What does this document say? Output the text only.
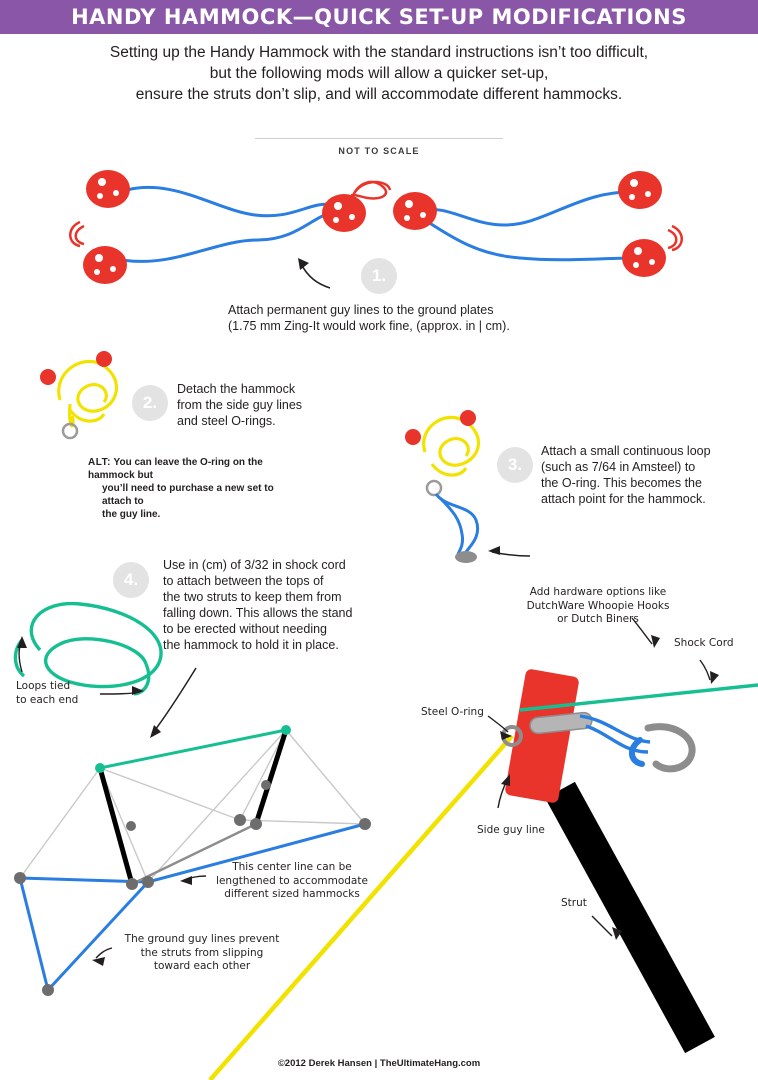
HANDY HAMMOCK—QUICK SET-UP MODIFICATIONS
Setting up the Handy Hammock with the standard instructions isn’t too difficult,
but the following mods will allow a quicker set-up,
ensure the struts don’t slip, and will accommodate different hammocks.
NOT TO SCALE
1.
2.
3.
4.
Attach permanent guy lines to the ground plates
(1.75 mm Zing-It would work fine, (approx. in | cm).
Detach the hammock
from the side guy lines
and steel O-rings.
ALT: You can leave the O-ring on the hammock but
you’ll need to purchase a new set to attach to
the guy line.
Attach a small continuous loop
(such as 7/64 in Amsteel) to
the O-ring. This becomes the
attach point for the hammock.
Use in (cm) of 3/32 in shock cord
to attach between the tops of
the two struts to keep them from
falling down. This allows the stand
to be erected without needing
the hammock to hold it in place.
Add hardware options like
DutchWare Whoopie Hooks
or Dutch Biners
Shock Cord
Steel O-ring
Side guy line
Strut
Loops tied
to each end
This center line can be
lengthened to accommodate
different sized hammocks
The ground guy lines prevent
the struts from slipping
toward each other
©2012 Derek Hansen | TheUltimateHang.com
